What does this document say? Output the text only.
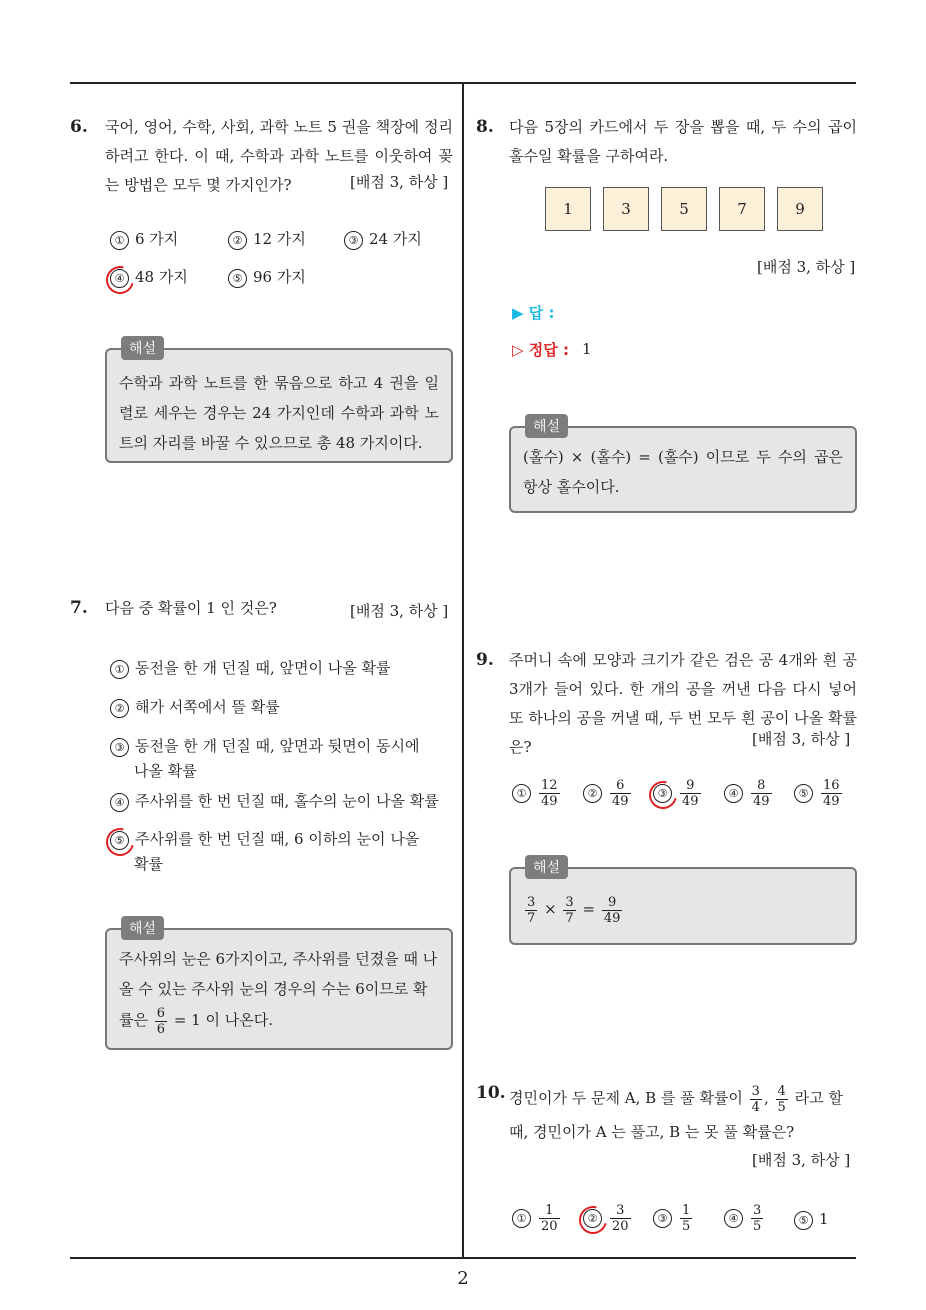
2
6. 국어, 영어, 수학, 사회, 과학 노트 5 권을 책장에 정리하려고 한다. 이 때, 수학과 과학 노트를 이웃하여 꽂는 방법은 모두 몇 가지인가?	[배점 3, 하상 ]
① 6 가지	② 12 가지	③ 24 가지
④ 48 가지	⑤ 96 가지
해설
수학과 과학 노트를 한 묶음으로 하고 4 권을 일렬로 세우는 경우는 24 가지인데 수학과 과학 노트의 자리를 바꿀 수 있으므로 총 48 가지이다.
7. 다음 중 확률이 1 인 것은?	[배점 3, 하상 ]
① 동전을 한 개 던질 때, 앞면이 나올 확률
② 해가 서쪽에서 뜰 확률
③ 동전을 한 개 던질 때, 앞면과 뒷면이 동시에
나올 확률
④ 주사위를 한 번 던질 때, 홀수의 눈이 나올 확률
⑤ 주사위를 한 번 던질 때, 6 이하의 눈이 나올
확률
해설
주사위의 눈은 6가지이고, 주사위를 던졌을 때 나
올 수 있는 주사위 눈의 경우의 수는 6이므로 확
률은 $\frac{6}{6} = 1$ 이 나온다.
8. 다음 5장의 카드에서 두 장을 뽑을 때, 두 수의 곱이 홀수일 확률을 구하여라.
1	3	5	7	9
[배점 3, 하상 ]
▶ 답 :
▷ 정답 : 1
해설
(홀수) × (홀수) = (홀수) 이므로 두 수의 곱은 항상 홀수이다.
9. 주머니 속에 모양과 크기가 같은 검은 공 4개와 흰 공 3개가 들어 있다. 한 개의 공을 꺼낸 다음 다시 넣어 또 하나의 공을 꺼낼 때, 두 번 모두 흰 공이 나올 확률은?	[배점 3, 하상 ]
① $\frac{12}{49}$	② $\frac{6}{49}$	③ $\frac{9}{49}$	④ $\frac{8}{49}$	⑤ $\frac{16}{49}$
해설
$\frac{3}{7} \times \frac{3}{7} = \frac{9}{49}$
10. 경민이가 두 문제 A, B 를 풀 확률이 $\frac{3}{4}$ , $\frac{4}{5}$ 라고 할
때, 경민이가 A 는 풀고, B 는 못 풀 확률은?
[배점 3, 하상 ]
① $\frac{1}{20}$	② $\frac{3}{20}$	③ $\frac{1}{5}$	④ $\frac{3}{5}$	⑤ 1
